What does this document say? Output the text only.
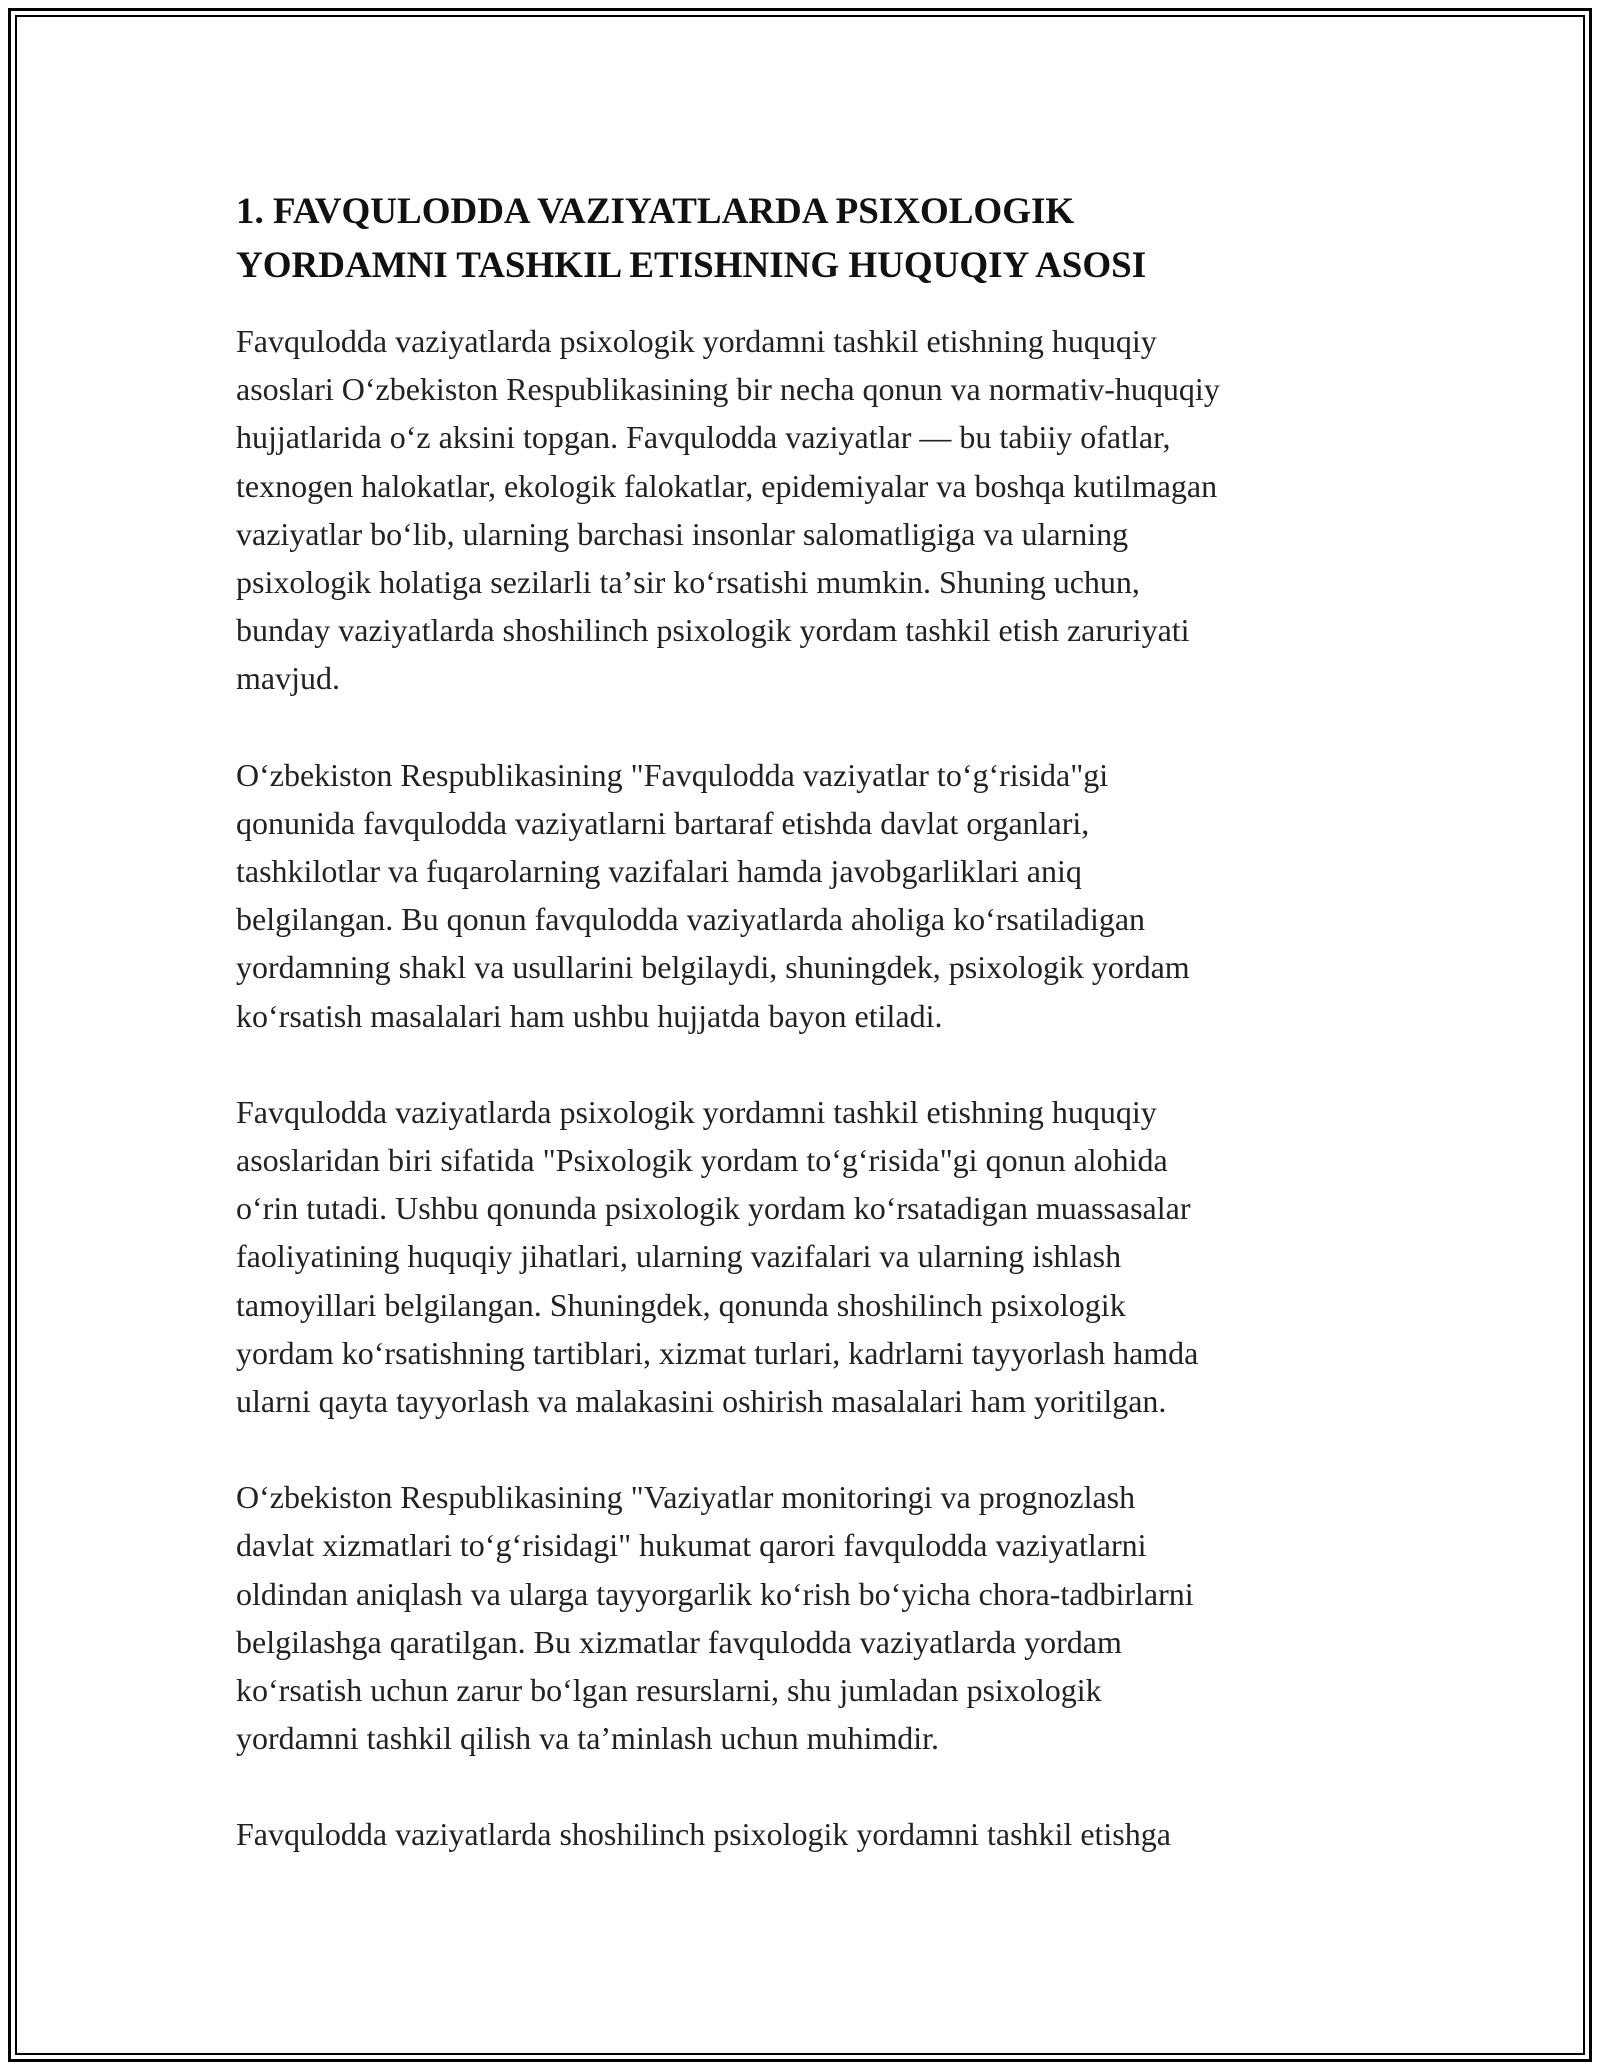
1. FAVQULODDA VAZIYATLARDA PSIXOLOGIK
YORDAMNI TASHKIL ETISHNING HUQUQIY ASOSI

Favqulodda vaziyatlarda psixologik yordamni tashkil etishning huquqiy
asoslari Oʻzbekiston Respublikasining bir necha qonun va normativ-huquqiy
hujjatlarida oʻz aksini topgan. Favqulodda vaziyatlar — bu tabiiy ofatlar,
texnogen halokatlar, ekologik falokatlar, epidemiyalar va boshqa kutilmagan
vaziyatlar boʻlib, ularning barchasi insonlar salomatligiga va ularning
psixologik holatiga sezilarli taʼsir koʻrsatishi mumkin. Shuning uchun,
bunday vaziyatlarda shoshilinch psixologik yordam tashkil etish zaruriyati
mavjud.

Oʻzbekiston Respublikasining "Favqulodda vaziyatlar toʻgʻrisida"gi
qonunida favqulodda vaziyatlarni bartaraf etishda davlat organlari,
tashkilotlar va fuqarolarning vazifalari hamda javobgarliklari aniq
belgilangan. Bu qonun favqulodda vaziyatlarda aholiga koʻrsatiladigan
yordamning shakl va usullarini belgilaydi, shuningdek, psixologik yordam
koʻrsatish masalalari ham ushbu hujjatda bayon etiladi.

Favqulodda vaziyatlarda psixologik yordamni tashkil etishning huquqiy
asoslaridan biri sifatida "Psixologik yordam toʻgʻrisida"gi qonun alohida
oʻrin tutadi. Ushbu qonunda psixologik yordam koʻrsatadigan muassasalar
faoliyatining huquqiy jihatlari, ularning vazifalari va ularning ishlash
tamoyillari belgilangan. Shuningdek, qonunda shoshilinch psixologik
yordam koʻrsatishning tartiblari, xizmat turlari, kadrlarni tayyorlash hamda
ularni qayta tayyorlash va malakasini oshirish masalalari ham yoritilgan.

Oʻzbekiston Respublikasining "Vaziyatlar monitoringi va prognozlash
davlat xizmatlari toʻgʻrisidagi" hukumat qarori favqulodda vaziyatlarni
oldindan aniqlash va ularga tayyorgarlik koʻrish boʻyicha chora-tadbirlarni
belgilashga qaratilgan. Bu xizmatlar favqulodda vaziyatlarda yordam
koʻrsatish uchun zarur boʻlgan resurslarni, shu jumladan psixologik
yordamni tashkil qilish va taʼminlash uchun muhimdir.

Favqulodda vaziyatlarda shoshilinch psixologik yordamni tashkil etishga
